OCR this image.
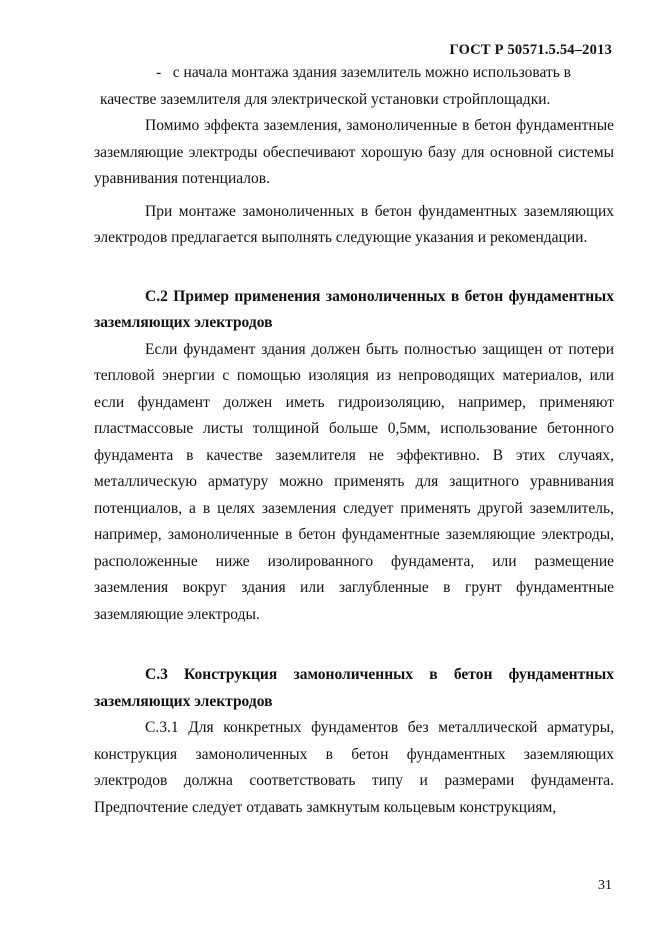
ГОСТ Р 50571.5.54–2013

- с начала монтажа здания заземлитель можно использовать в

качестве заземлителя для электрической установки стройплощадки.

Помимо эффекта заземления, замоноличенные в бетон фундаментные заземляющие электроды обеспечивают хорошую базу для основной системы уравнивания потенциалов.

При монтаже замоноличенных в бетон фундаментных заземляющих электродов предлагается выполнять следующие указания и рекомендации.

С.2 Пример применения замоноличенных в бетон фундаментных заземляющих электродов

Если фундамент здания должен быть полностью защищен от потери тепловой энергии с помощью изоляция из непроводящих материалов, или если фундамент должен иметь гидроизоляцию, например, применяют пластмассовые листы толщиной больше 0,5мм, использование бетонного фундамента в качестве заземлителя не эффективно. В этих случаях, металлическую арматуру можно применять для защитного уравнивания потенциалов, а в целях заземления следует применять другой заземлитель, например, замоноличенные в бетон фундаментные заземляющие электроды, расположенные ниже изолированного фундамента, или размещение заземления вокруг здания или заглубленные в грунт фундаментные заземляющие электроды.

С.3 Конструкция замоноличенных в бетон фундаментных заземляющих электродов

С.3.1 Для конкретных фундаментов без металлической арматуры, конструкция замоноличенных в бетон фундаментных заземляющих электродов должна соответствовать типу и размерами фундамента. Предпочтение следует отдавать замкнутым кольцевым конструкциям,

31
